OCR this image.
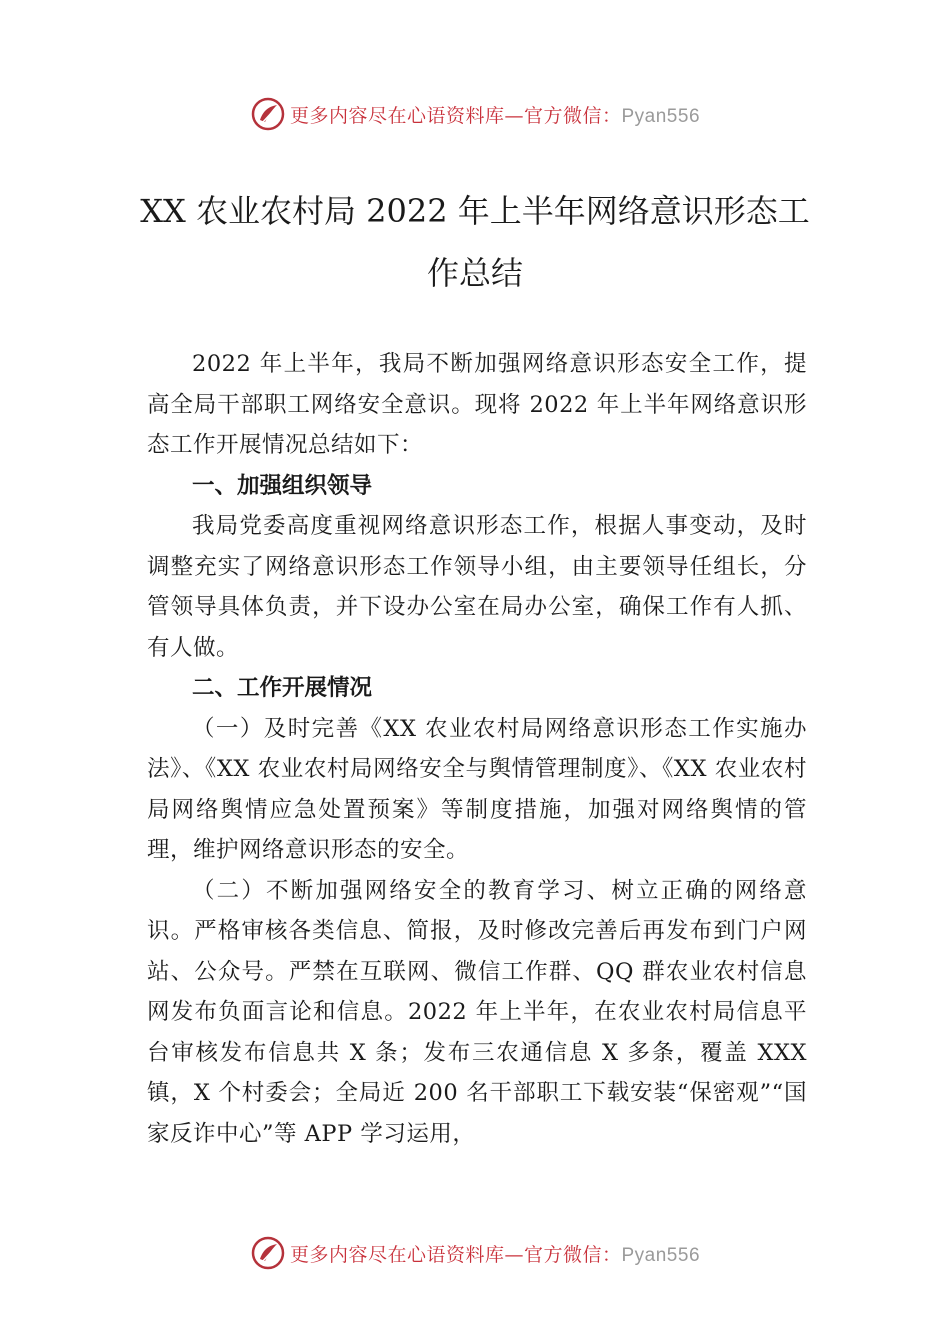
更多内容尽在心语资料库—官方微信：Pyan556
XX 农业农村局 2022 年上半年网络意识形态工作总结

2022 年上半年，我局不断加强网络意识形态安全工作，提高全局干部职工网络安全意识。现将 2022 年上半年网络意识形态工作开展情况总结如下：

一、加强组织领导

我局党委高度重视网络意识形态工作，根据人事变动，及时调整充实了网络意识形态工作领导小组，由主要领导任组长，分管领导具体负责，并下设办公室在局办公室，确保工作有人抓、有人做。

二、工作开展情况

（一）及时完善《XX 农业农村局网络意识形态工作实施办法》、《XX 农业农村局网络安全与舆情管理制度》、《XX 农业农村局网络舆情应急处置预案》等制度措施，加强对网络舆情的管理，维护网络意识形态的安全。

（二）不断加强网络安全的教育学习、树立正确的网络意识。严格审核各类信息、简报，及时修改完善后再发布到门户网站、公众号。严禁在互联网、微信工作群、QQ 群农业农村信息网发布负面言论和信息。2022 年上半年，在农业农村局信息平台审核发布信息共 X 条；发布三农通信息 X 多条，覆盖 XXX 镇，X 个村委会；全局近 200 名干部职工下载安装“保密观”“国家反诈中心”等 APP 学习运用，

更多内容尽在心语资料库—官方微信：Pyan556
